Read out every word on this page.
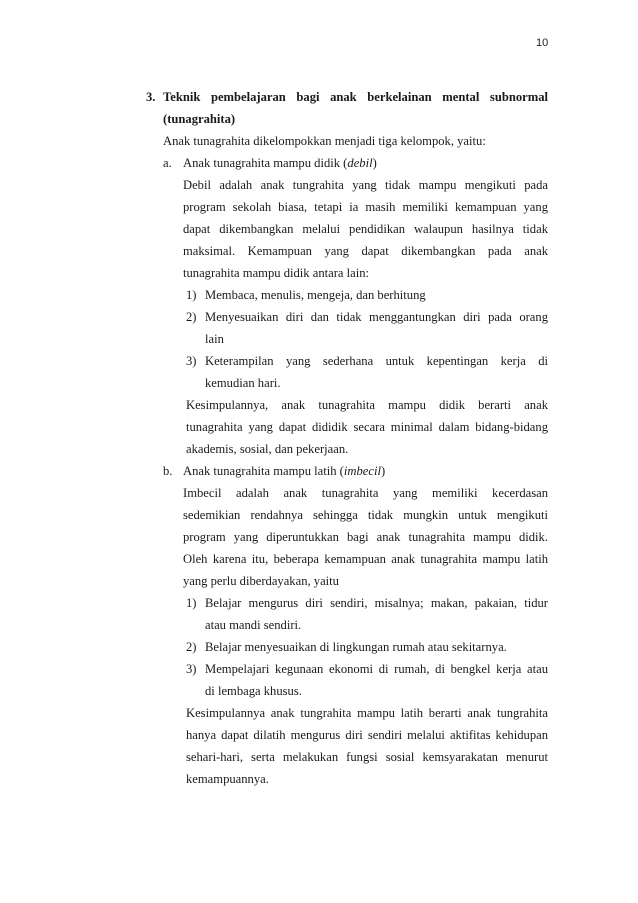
10
3. Teknik pembelajaran bagi anak berkelainan mental subnormal
(tunagrahita)
Anak tunagrahita dikelompokkan menjadi tiga kelompok, yaitu:
a. Anak tunagrahita mampu didik (debil)
Debil adalah anak tungrahita yang tidak mampu mengikuti pada
program sekolah biasa, tetapi ia masih memiliki kemampuan yang
dapat dikembangkan melalui pendidikan walaupun hasilnya tidak
maksimal. Kemampuan yang dapat dikembangkan pada anak
tunagrahita mampu didik antara lain:
1) Membaca, menulis, mengeja, dan berhitung
2) Menyesuaikan diri dan tidak menggantungkan diri pada orang
lain
3) Keterampilan yang sederhana untuk kepentingan kerja di
kemudian hari.
Kesimpulannya, anak tunagrahita mampu didik berarti anak
tunagrahita yang dapat dididik secara minimal dalam bidang-bidang
akademis, sosial, dan pekerjaan.
b. Anak tunagrahita mampu latih (imbecil)
Imbecil adalah anak tunagrahita yang memiliki kecerdasan
sedemikian rendahnya sehingga tidak mungkin untuk mengikuti
program yang diperuntukkan bagi anak tunagrahita mampu didik.
Oleh karena itu, beberapa kemampuan anak tunagrahita mampu latih
yang perlu diberdayakan, yaitu
1) Belajar mengurus diri sendiri, misalnya; makan, pakaian, tidur
atau mandi sendiri.
2) Belajar menyesuaikan di lingkungan rumah atau sekitarnya.
3) Mempelajari kegunaan ekonomi di rumah, di bengkel kerja atau
di lembaga khusus.
Kesimpulannya anak tungrahita mampu latih berarti anak tungrahita
hanya dapat dilatih mengurus diri sendiri melalui aktifitas kehidupan
sehari-hari, serta melakukan fungsi sosial kemsyarakatan menurut
kemampuannya.
